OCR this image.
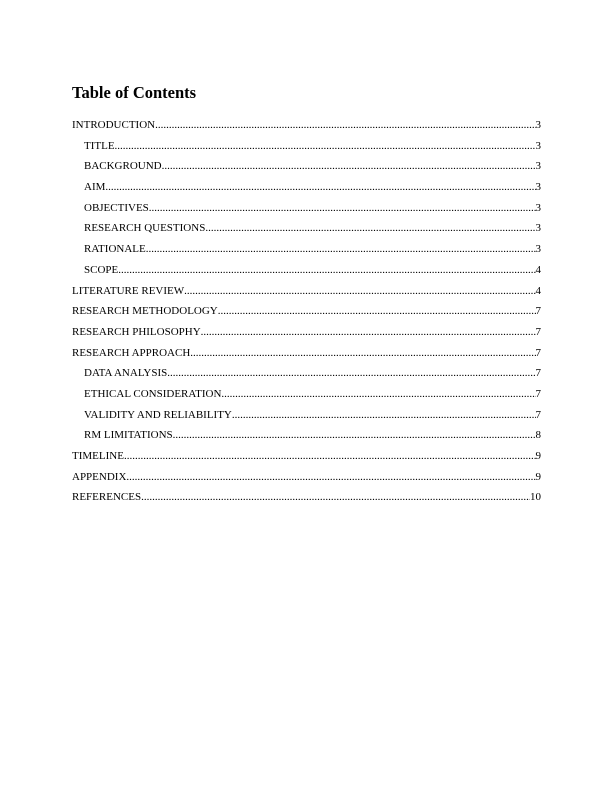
Table of Contents
INTRODUCTION .....	3
TITLE .....	3
BACKGROUND .....	3
AIM .....	3
OBJECTIVES .....	3
RESEARCH QUESTIONS .....	3
RATIONALE .....	3
SCOPE .....	4
LITERATURE REVIEW .....	4
RESEARCH METHODOLOGY .....	7
RESEARCH PHILOSOPHY .....	7
RESEARCH APPROACH .....	7
DATA ANALYSIS .....	7
ETHICAL CONSIDERATION .....	7
VALIDITY AND RELIABILITY .....	7
RM LIMITATIONS .....	8
TIMELINE .....	9
APPENDIX .....	9
REFERENCES .....	10
